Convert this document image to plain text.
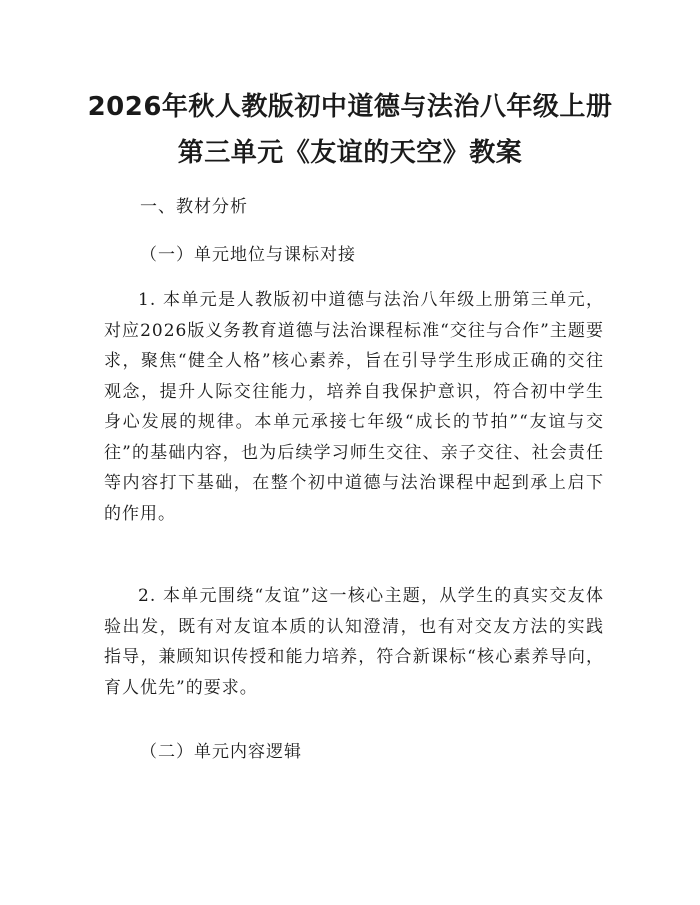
2026年秋人教版初中道德与法治八年级上册
第三单元《友谊的天空》教案
一、教材分析
（一）单元地位与课标对接

1. 本单元是人教版初中道德与法治八年级上册第三单元，对应2026版义务教育道德与法治课程标准“交往与合作”主题要求，聚焦“健全人格”核心素养，旨在引导学生形成正确的交往观念，提升人际交往能力，培养自我保护意识，符合初中学生身心发展的规律。本单元承接七年级“成长的节拍”“友谊与交往”的基础内容，也为后续学习师生交往、亲子交往、社会责任等内容打下基础，在整个初中道德与法治课程中起到承上启下的作用。

2. 本单元围绕“友谊”这一核心主题，从学生的真实交友体验出发，既有对友谊本质的认知澄清，也有对交友方法的实践指导，兼顾知识传授和能力培养，符合新课标“核心素养导向，育人优先”的要求。

（二）单元内容逻辑
